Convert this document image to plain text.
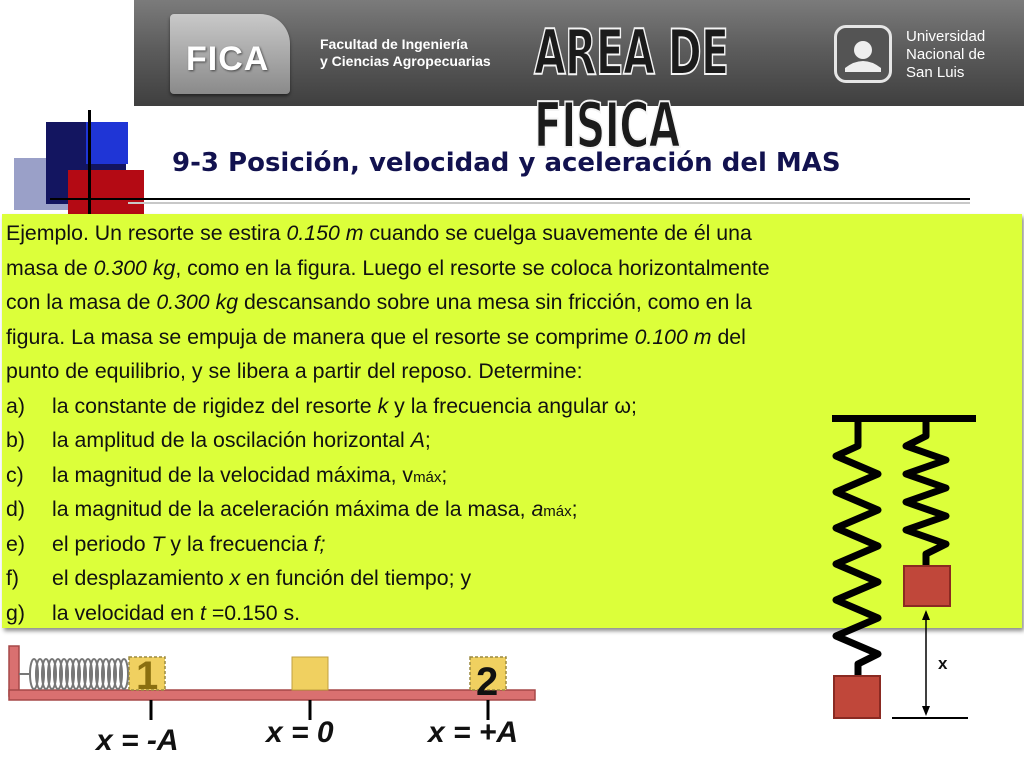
FICA	Facultad de Ingeniería
y Ciencias Agropecuarias AREA DE FISICA
Universidad
Nacional de
San Luis
9-3 Posición, velocidad y aceleración del MAS
Ejemplo. Un resorte se estira 0.150 m cuando se cuelga suavemente de él una
masa de 0.300 kg, como en la figura. Luego el resorte se coloca horizontalmente
con la masa de 0.300 kg descansando sobre una mesa sin fricción, como en la
figura. La masa se empuja de manera que el resorte se comprime 0.100 m del
punto de equilibrio, y se libera a partir del reposo. Determine:
a) la constante de rigidez del resorte k y la frecuencia angular ω;
b) la amplitud de la oscilación horizontal A;
c) la magnitud de la velocidad máxima, vmáx;
d) la magnitud de la aceleración máxima de la masa, amáx;
e) el periodo T y la frecuencia f;
f) el desplazamiento x en función del tiempo; y
g) la velocidad en t =0.150 s.
x
1	2
x = -A	x = 0	x = +A
